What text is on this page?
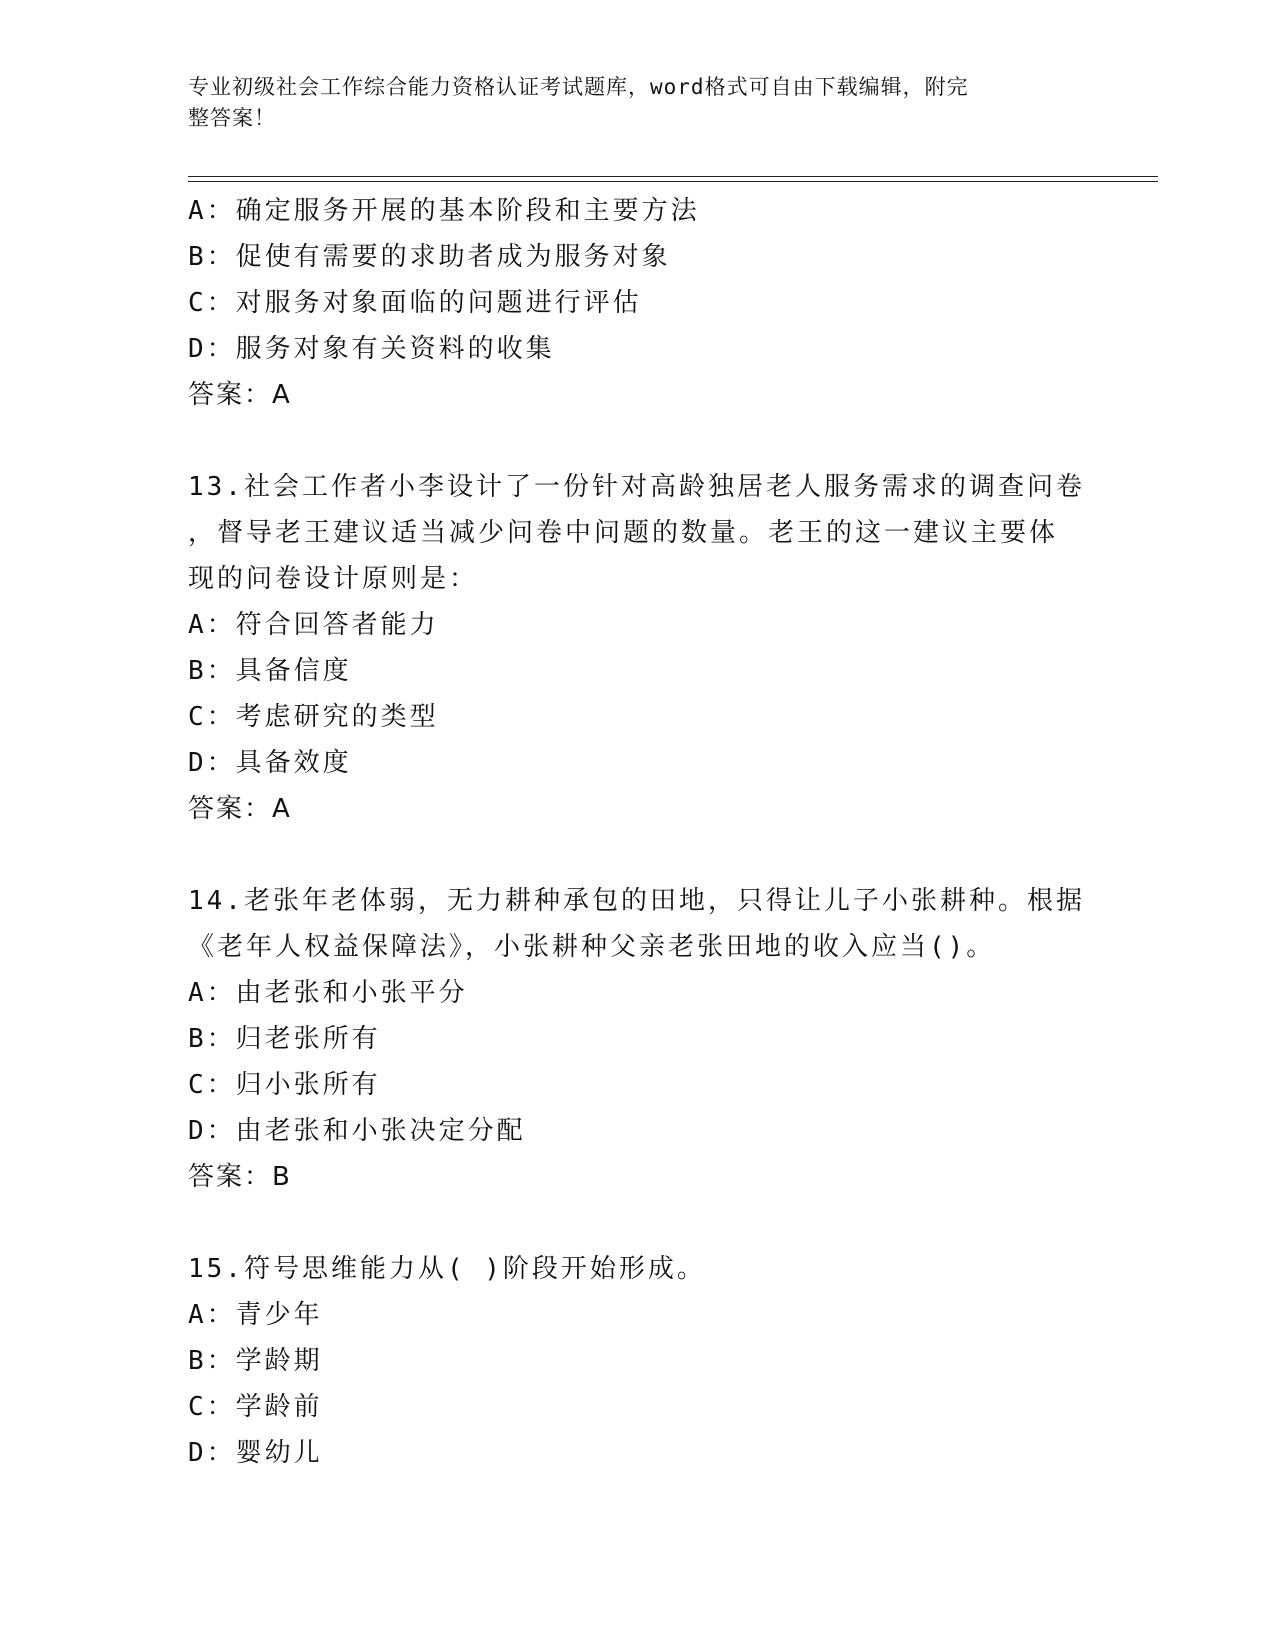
专业初级社会工作综合能力资格认证考试题库，word格式可自由下载编辑，附完
整答案！
A：确定服务开展的基本阶段和主要方法
B：促使有需要的求助者成为服务对象
C：对服务对象面临的问题进行评估
D：服务对象有关资料的收集
答案：A
13.社会工作者小李设计了一份针对高龄独居老人服务需求的调查问卷
，督导老王建议适当减少问卷中问题的数量。老王的这一建议主要体
现的问卷设计原则是：
A：符合回答者能力
B：具备信度
C：考虑研究的类型
D：具备效度
答案：A
14.老张年老体弱，无力耕种承包的田地，只得让儿子小张耕种。根据
《老年人权益保障法》，小张耕种父亲老张田地的收入应当()。
A：由老张和小张平分
B：归老张所有
C：归小张所有
D：由老张和小张决定分配
答案：B
15.符号思维能力从( )阶段开始形成。
A：青少年
B：学龄期
C：学龄前
D：婴幼儿
